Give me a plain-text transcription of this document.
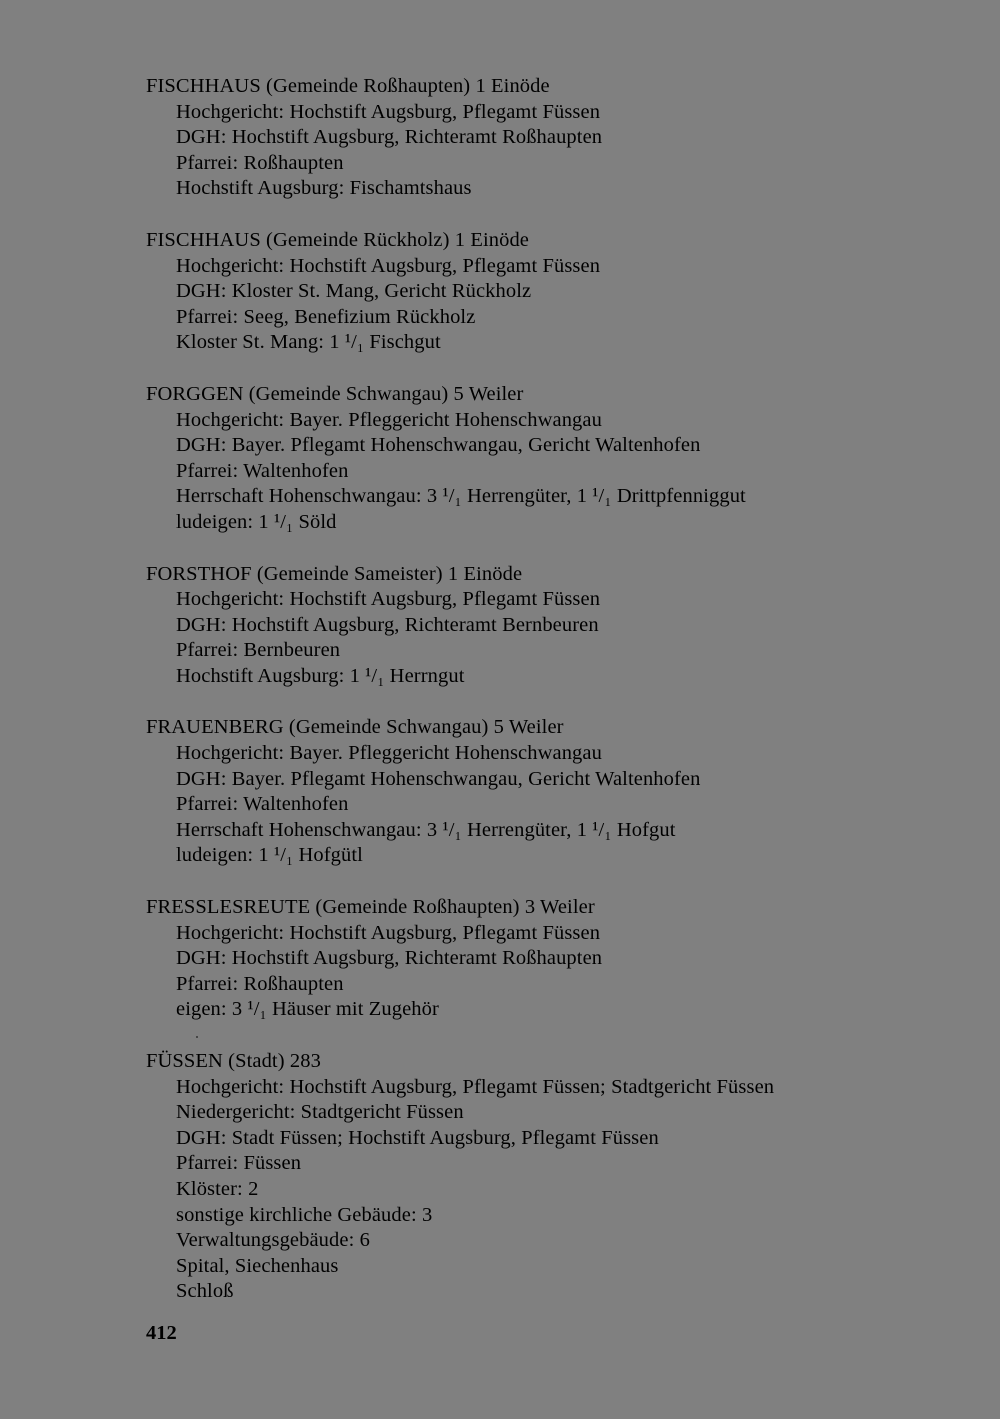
FISCHHAUS (Gemeinde Roßhaupten) 1 Einöde
Hochgericht: Hochstift Augsburg, Pflegamt Füssen
DGH: Hochstift Augsburg, Richteramt Roßhaupten
Pfarrei: Roßhaupten
Hochstift Augsburg: Fischamtshaus
FISCHHAUS (Gemeinde Rückholz) 1 Einöde
Hochgericht: Hochstift Augsburg, Pflegamt Füssen
DGH: Kloster St. Mang, Gericht Rückholz
Pfarrei: Seeg, Benefizium Rückholz
Kloster St. Mang: 1 ¹/₁ Fischgut
FORGGEN (Gemeinde Schwangau) 5 Weiler
Hochgericht: Bayer. Pfleggericht Hohenschwangau
DGH: Bayer. Pflegamt Hohenschwangau, Gericht Waltenhofen
Pfarrei: Waltenhofen
Herrschaft Hohenschwangau: 3 ¹/₁ Herrengüter, 1 ¹/₁ Drittpfenniggut
ludeigen: 1 ¹/₁ Söld
FORSTHOF (Gemeinde Sameister) 1 Einöde
Hochgericht: Hochstift Augsburg, Pflegamt Füssen
DGH: Hochstift Augsburg, Richteramt Bernbeuren
Pfarrei: Bernbeuren
Hochstift Augsburg: 1 ¹/₁ Herrngut
FRAUENBERG (Gemeinde Schwangau) 5 Weiler
Hochgericht: Bayer. Pfleggericht Hohenschwangau
DGH: Bayer. Pflegamt Hohenschwangau, Gericht Waltenhofen
Pfarrei: Waltenhofen
Herrschaft Hohenschwangau: 3 ¹/₁ Herrengüter, 1 ¹/₁ Hofgut
ludeigen: 1 ¹/₁ Hofgütl
FRESSLESREUTE (Gemeinde Roßhaupten) 3 Weiler
Hochgericht: Hochstift Augsburg, Pflegamt Füssen
DGH: Hochstift Augsburg, Richteramt Roßhaupten
Pfarrei: Roßhaupten
eigen: 3 ¹/₁ Häuser mit Zugehör
FÜSSEN (Stadt) 283
Hochgericht: Hochstift Augsburg, Pflegamt Füssen; Stadtgericht Füssen
Niedergericht: Stadtgericht Füssen
DGH: Stadt Füssen; Hochstift Augsburg, Pflegamt Füssen
Pfarrei: Füssen
Klöster: 2
sonstige kirchliche Gebäude: 3
Verwaltungsgebäude: 6
Spital, Siechenhaus
Schloß
412
